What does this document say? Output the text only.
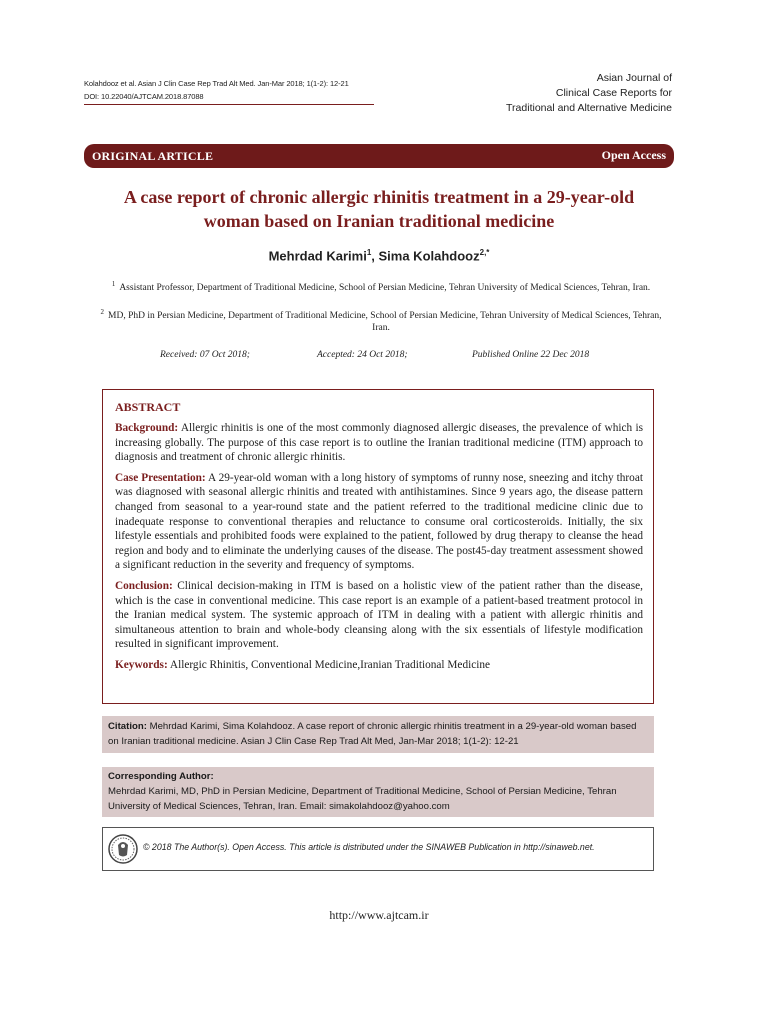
Kolahdooz et al. Asian J Clin Case Rep Trad Alt Med. Jan-Mar 2018; 1(1-2): 12-21
DOI: 10.22040/AJTCAM.2018.87088
Asian Journal of
Clinical Case Reports for
Traditional and Alternative Medicine
ORIGINAL ARTICLE	Open Access
A case report of chronic allergic rhinitis treatment in a 29-year-old
woman based on Iranian traditional medicine
Mehrdad Karimi$^1$, Sima Kolahdooz$^{2,*}$
$^1$ Assistant Professor, Department of Traditional Medicine, School of Persian Medicine, Tehran University of Medical Sciences, Tehran, Iran.
$^2$ MD, PhD in Persian Medicine, Department of Traditional Medicine, School of Persian Medicine, Tehran University of Medical Sciences, Tehran, Iran.
Received: 07 Oct 2018;	Accepted: 24 Oct 2018;	Published Online 22 Dec 2018
ABSTRACT

Background: Allergic rhinitis is one of the most commonly diagnosed allergic diseases, the prevalence of which is increasing globally. The purpose of this case report is to outline the Iranian traditional medicine (ITM) approach to diagnosis and treatment of chronic allergic rhinitis.

Case Presentation: A 29-year-old woman with a long history of symptoms of runny nose, sneezing and itchy throat was diagnosed with seasonal allergic rhinitis and treated with antihistamines. Since 9 years ago, the disease pattern changed from seasonal to a year-round state and the patient referred to the traditional medicine clinic due to inadequate response to conventional therapies and reluctance to consume oral corticosteroids. Initially, the six lifestyle essentials and prohibited foods were explained to the patient, followed by drug therapy to cleanse the head region and body and to eliminate the underlying causes of the disease. The post45-day treatment assessment showed a significant reduction in the severity and frequency of symptoms.

Conclusion: Clinical decision-making in ITM is based on a holistic view of the patient rather than the disease, which is the case in conventional medicine. This case report is an example of a patient-based treatment protocol in the Iranian medical system. The systemic approach of ITM in dealing with a patient with allergic rhinitis and simultaneous attention to brain and whole-body cleansing along with the six essentials of lifestyle modification resulted in significant improvement.

Keywords: Allergic Rhinitis, Conventional Medicine,Iranian Traditional Medicine

Citation: Mehrdad Karimi, Sima Kolahdooz. A case report of chronic allergic rhinitis treatment in a 29-year-old woman based on Iranian traditional medicine. Asian J Clin Case Rep Trad Alt Med, Jan-Mar 2018; 1(1-2): 12-21
Corresponding Author:
Mehrdad Karimi, MD, PhD in Persian Medicine, Department of Traditional Medicine, School of Persian Medicine, Tehran University of Medical Sciences, Tehran, Iran. Email: simakolahdooz@yahoo.com
© 2018 The Author(s). Open Access. This article is distributed under the SINAWEB Publication in http://sinaweb.net.
http://www.ajtcam.ir
